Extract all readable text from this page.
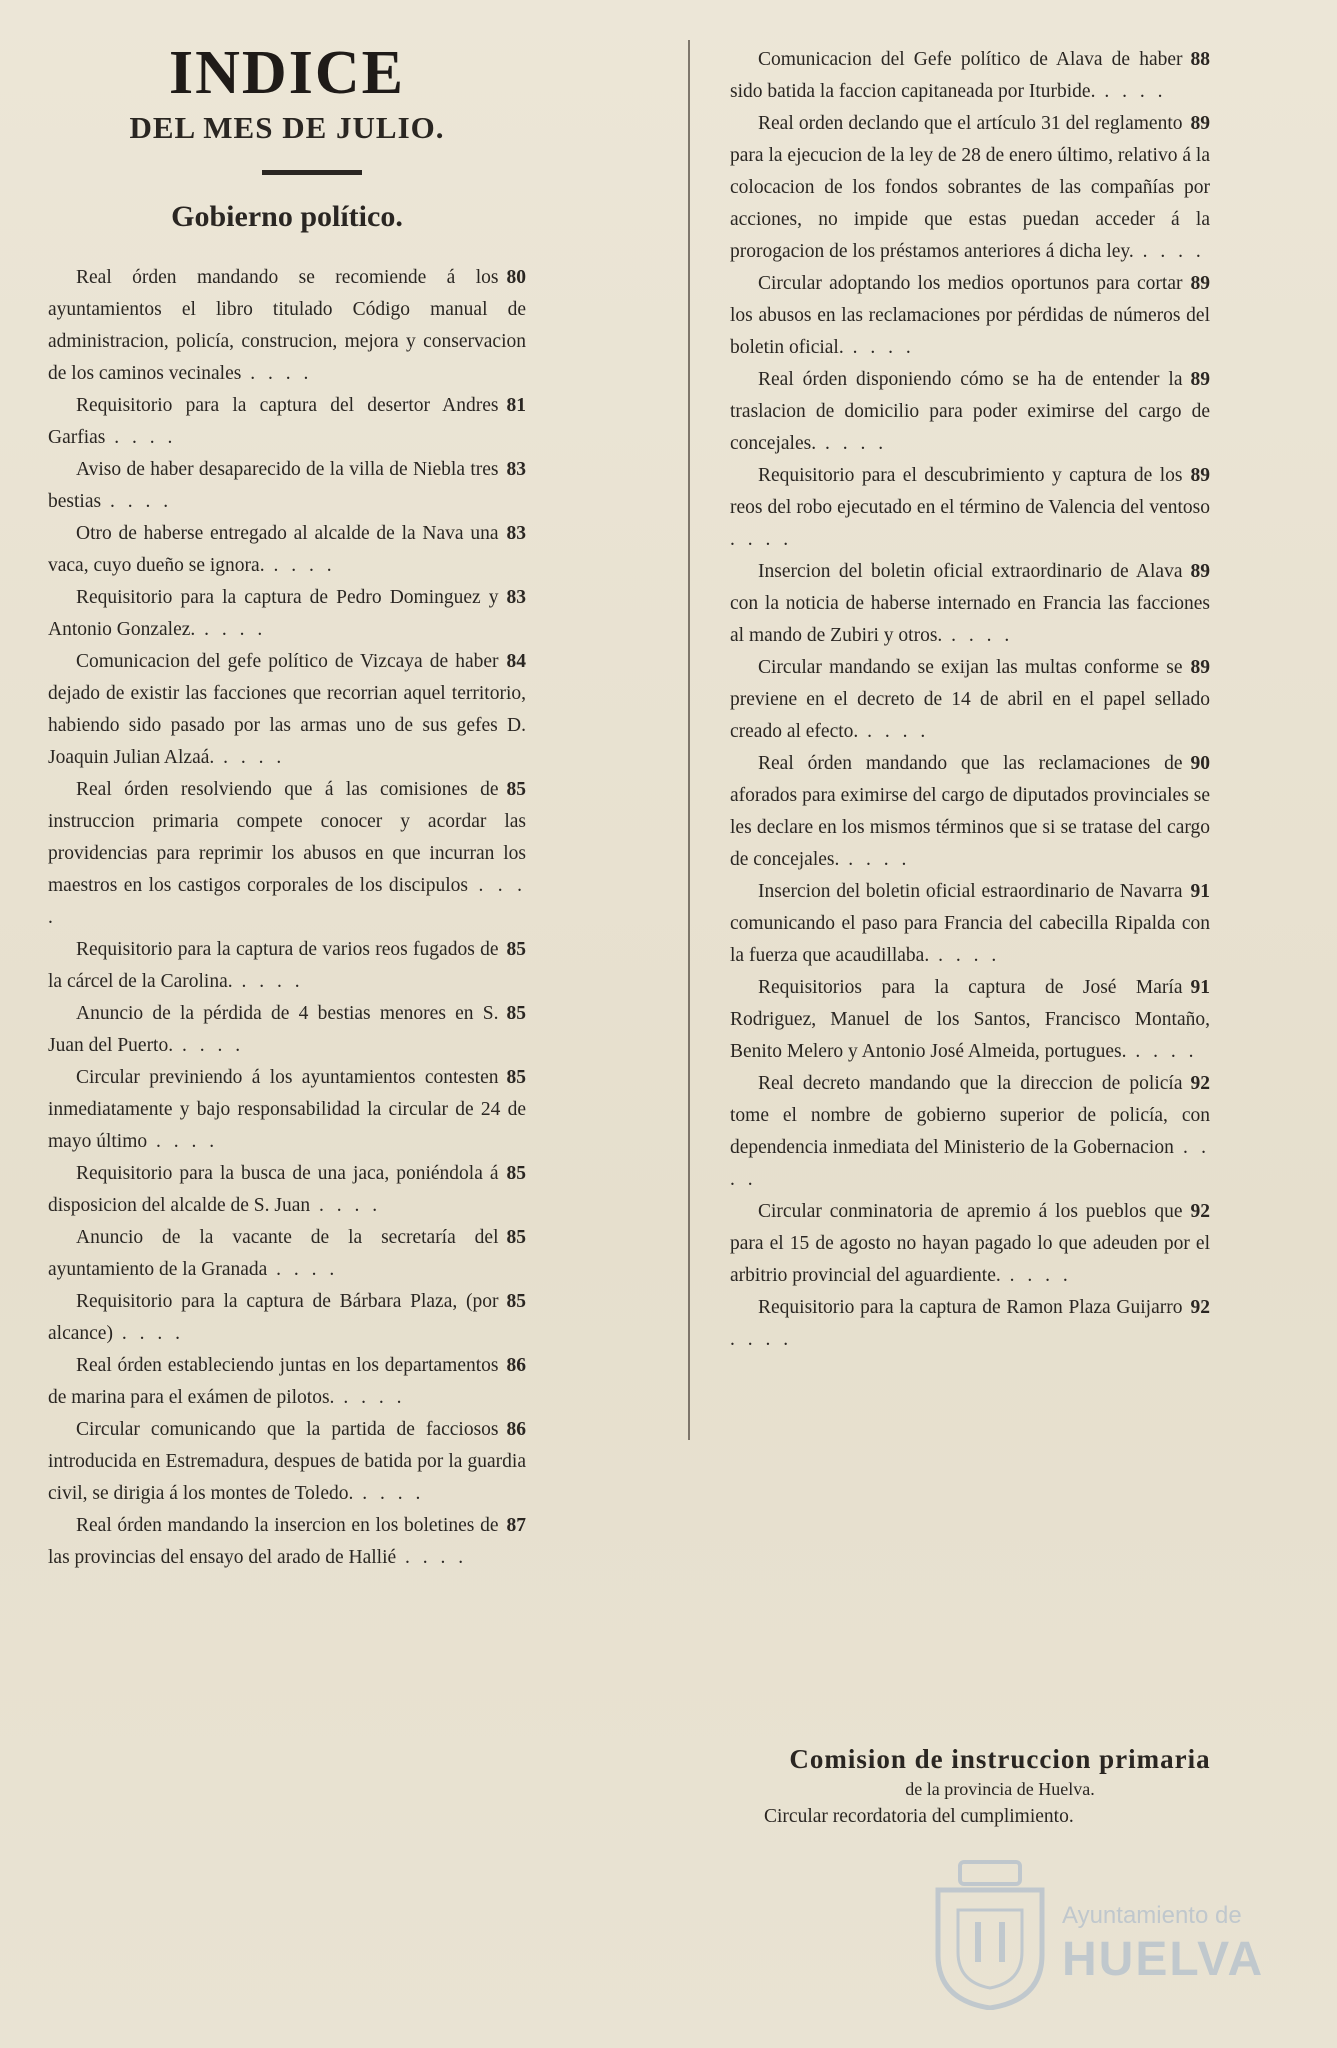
INDICE
DEL MES DE JULIO.
Gobierno político.

80
Real órden mandando se recomiende á los ayuntamientos el libro titulado Código manual de administracion, policía, construcion, mejora y conservacion de los caminos vecinales . . . .

81
Requisitorio para la captura del desertor Andres Garfias . . . .

83
Aviso de haber desaparecido de la villa de Niebla tres bestias . . . .

83
Otro de haberse entregado al alcalde de la Nava una vaca, cuyo dueño se ignora. . . . .

83
Requisitorio para la captura de Pedro Dominguez y Antonio Gonzalez. . . . .

84
Comunicacion del gefe político de Vizcaya de haber dejado de existir las facciones que recorrian aquel territorio, habiendo sido pasado por las armas uno de sus gefes D. Joaquin Julian Alzaá. . . . .

85
Real órden resolviendo que á las comisiones de instruccion primaria compete conocer y acordar las providencias para reprimir los abusos en que incurran los maestros en los castigos corporales de los discipulos . . . .

85
Requisitorio para la captura de varios reos fugados de la cárcel de la Carolina. . . . .

85
Anuncio de la pérdida de 4 bestias menores en S. Juan del Puerto. . . . .

85
Circular previniendo á los ayuntamientos contesten inmediatamente y bajo responsabilidad la circular de 24 de mayo último . . . .

85
Requisitorio para la busca de una jaca, poniéndola á disposicion del alcalde de S. Juan . . . .

85
Anuncio de la vacante de la secretaría del ayuntamiento de la Granada . . . .

85
Requisitorio para la captura de Bárbara Plaza, (por alcance) . . . .

86
Real órden estableciendo juntas en los departamentos de marina para el exámen de pilotos. . . . .

86
Circular comunicando que la partida de facciosos introducida en Estremadura, despues de batida por la guardia civil, se dirigia á los montes de Toledo. . . . .

87
Real órden mandando la insercion en los boletines de las provincias del ensayo del arado de Hallié . . . .

88
Comunicacion del Gefe político de Alava de haber sido batida la faccion capitaneada por Iturbide. . . . .

89
Real orden declando que el artículo 31 del reglamento para la ejecucion de la ley de 28 de enero último, relativo á la colocacion de los fondos sobrantes de las compañías por acciones, no impide que estas puedan acceder á la prorogacion de los préstamos anteriores á dicha ley. . . . .

89
Circular adoptando los medios oportunos para cortar los abusos en las reclamaciones por pérdidas de números del boletin oficial. . . . .

89
Real órden disponiendo cómo se ha de entender la traslacion de domicilio para poder eximirse del cargo de concejales. . . . .

89
Requisitorio para el descubrimiento y captura de los reos del robo ejecutado en el término de Valencia del ventoso . . . .

89
Insercion del boletin oficial extraordinario de Alava con la noticia de haberse internado en Francia las facciones al mando de Zubiri y otros. . . . .

89
Circular mandando se exijan las multas conforme se previene en el decreto de 14 de abril en el papel sellado creado al efecto. . . . .

90
Real órden mandando que las reclamaciones de aforados para eximirse del cargo de diputados provinciales se les declare en los mismos términos que si se tratase del cargo de concejales. . . . .

91
Insercion del boletin oficial estraordinario de Navarra comunicando el paso para Francia del cabecilla Ripalda con la fuerza que acaudillaba. . . . .

91
Requisitorios para la captura de José María Rodriguez, Manuel de los Santos, Francisco Montaño, Benito Melero y Antonio José Almeida, portugues. . . . .

92
Real decreto mandando que la direccion de policía tome el nombre de gobierno superior de policía, con dependencia inmediata del Ministerio de la Gobernacion . . . .

92
Circular conminatoria de apremio á los pueblos que para el 15 de agosto no hayan pagado lo que adeuden por el arbitrio provincial del aguardiente. . . . .

92
Requisitorio para la captura de Ramon Plaza Guijarro . . . .

Comision de instruccion primaria
de la provincia de Huelva.
Circular recordatoria del cumplimiento.
Ayuntamiento de
HUELVA
